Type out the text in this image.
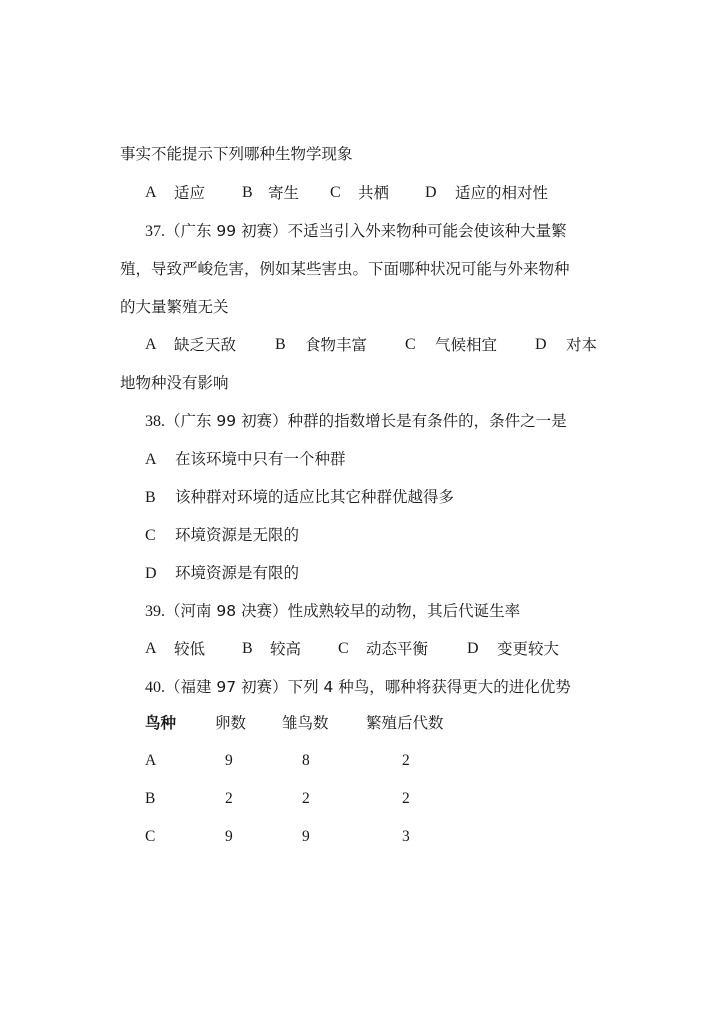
事实不能提示下列哪种生物学现象
A 适应 B 寄生 C 共栖 D 适应的相对性
37.（广东 99 初赛）不适当引入外来物种可能会使该种大量繁
殖，导致严峻危害，例如某些害虫。下面哪种状况可能与外来物种
的大量繁殖无关
A 缺乏天敌 B 食物丰富 C 气候相宜 D 对本
地物种没有影响
38.（广东 99 初赛）种群的指数增长是有条件的，条件之一是
A 在该环境中只有一个种群
B 该种群对环境的适应比其它种群优越得多
C 环境资源是无限的
D 环境资源是有限的
39.（河南 98 决赛）性成熟较早的动物，其后代诞生率
A 较低 B 较高 C 动态平衡 D 变更较大
40.（福建 97 初赛）下列 4 种鸟，哪种将获得更大的进化优势
鸟种	卵数 雏鸟数 繁殖后代数
A	9	8	2
B	2	2	2
C	9	9	3
